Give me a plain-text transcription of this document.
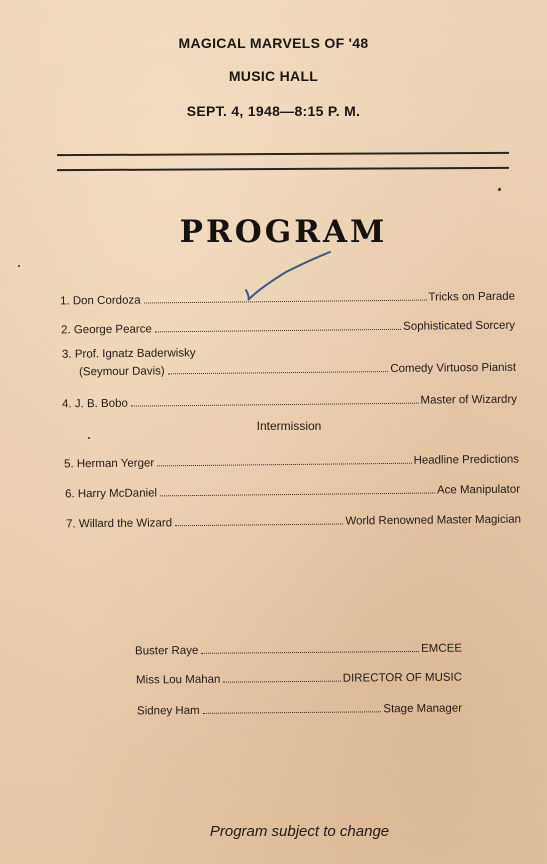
MAGICAL MARVELS OF '48
MUSIC HALL
SEPT. 4, 1948—8:15 P. M.
PROGRAM
1. Don Cordoza	Tricks on Parade
2. George Pearce	Sophisticated Sorcery
3. Prof. Ignatz Baderwisky
(Seymour Davis)	Comedy Virtuoso Pianist
4. J. B. Bobo	Master of Wizardry
Intermission
5. Herman Yerger	Headline Predictions
6. Harry McDaniel	Ace Manipulator
7. Willard the Wizard	World Renowned Master Magician
Buster Raye	EMCEE
Miss Lou Mahan	DIRECTOR OF MUSIC
Sidney Ham	Stage Manager
Program subject to change
